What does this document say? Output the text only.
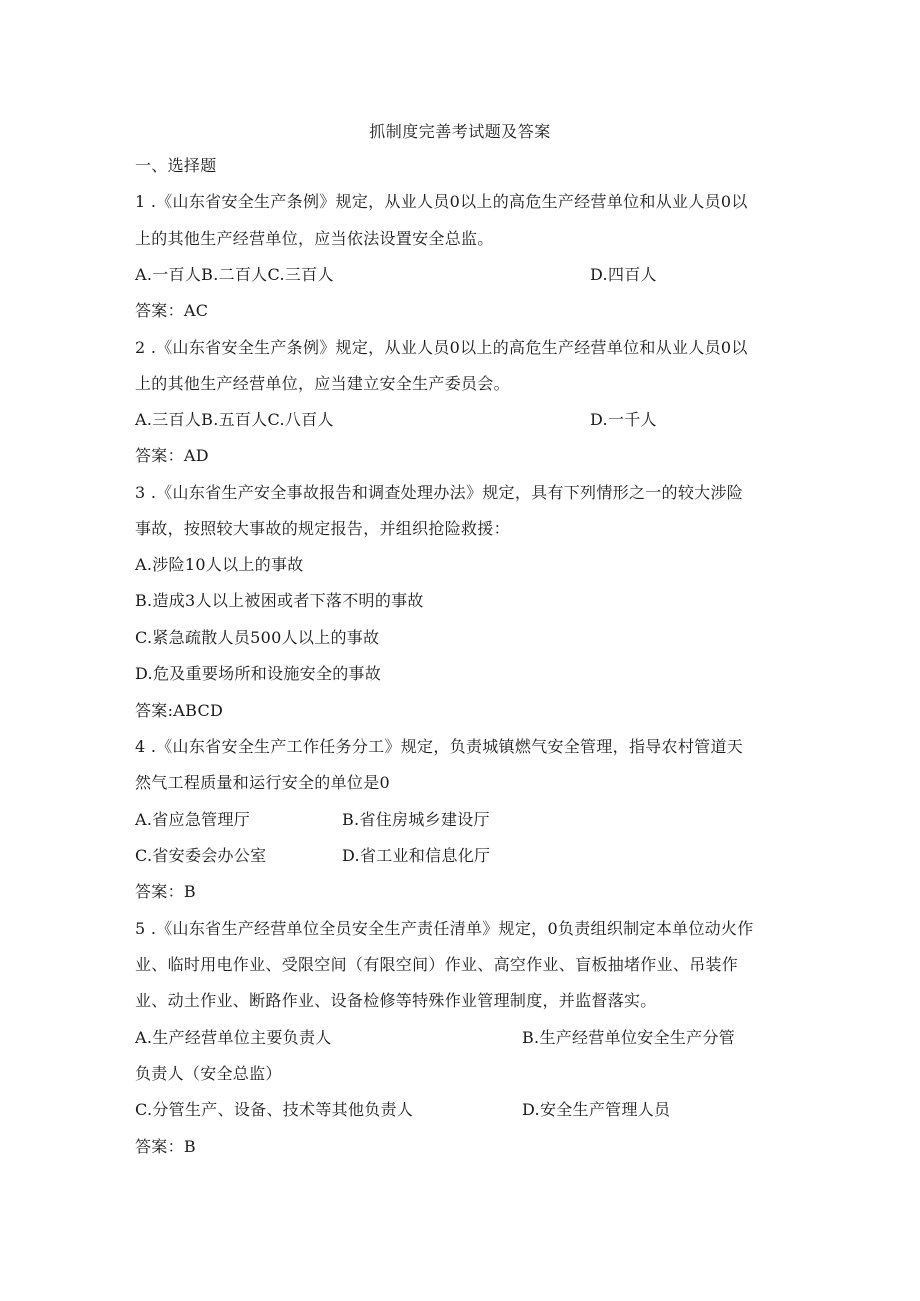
抓制度完善考试题及答案
一、选择题
1 .《山东省安全生产条例》规定，从业人员0以上的高危生产经营单位和从业人员0以
上的其他生产经营单位，应当依法设置安全总监。
A.一百人B.二百人C.三百人	D.四百人
答案：AC
2 .《山东省安全生产条例》规定，从业人员0以上的高危生产经营单位和从业人员0以
上的其他生产经营单位，应当建立安全生产委员会。
A.三百人B.五百人C.八百人	D.一千人
答案：AD
3 .《山东省生产安全事故报告和调查处理办法》规定，具有下列情形之一的较大涉险
事故，按照较大事故的规定报告，并组织抢险救援：
A.涉险10人以上的事故
B.造成3人以上被困或者下落不明的事故
C.紧急疏散人员500人以上的事故
D.危及重要场所和设施安全的事故
答案:ABCD
4 .《山东省安全生产工作任务分工》规定，负责城镇燃气安全管理，指导农村管道天
然气工程质量和运行安全的单位是0
A.省应急管理厅	B.省住房城乡建设厅
C.省安委会办公室	D.省工业和信息化厅
答案：B
5 .《山东省生产经营单位全员安全生产责任清单》规定，0负责组织制定本单位动火作
业、临时用电作业、受限空间（有限空间）作业、高空作业、盲板抽堵作业、吊装作
业、动土作业、断路作业、设备检修等特殊作业管理制度，并监督落实。
A.生产经营单位主要负责人	B.生产经营单位安全生产分管
负责人（安全总监）
C.分管生产、设备、技术等其他负责人	D.安全生产管理人员
答案：B
